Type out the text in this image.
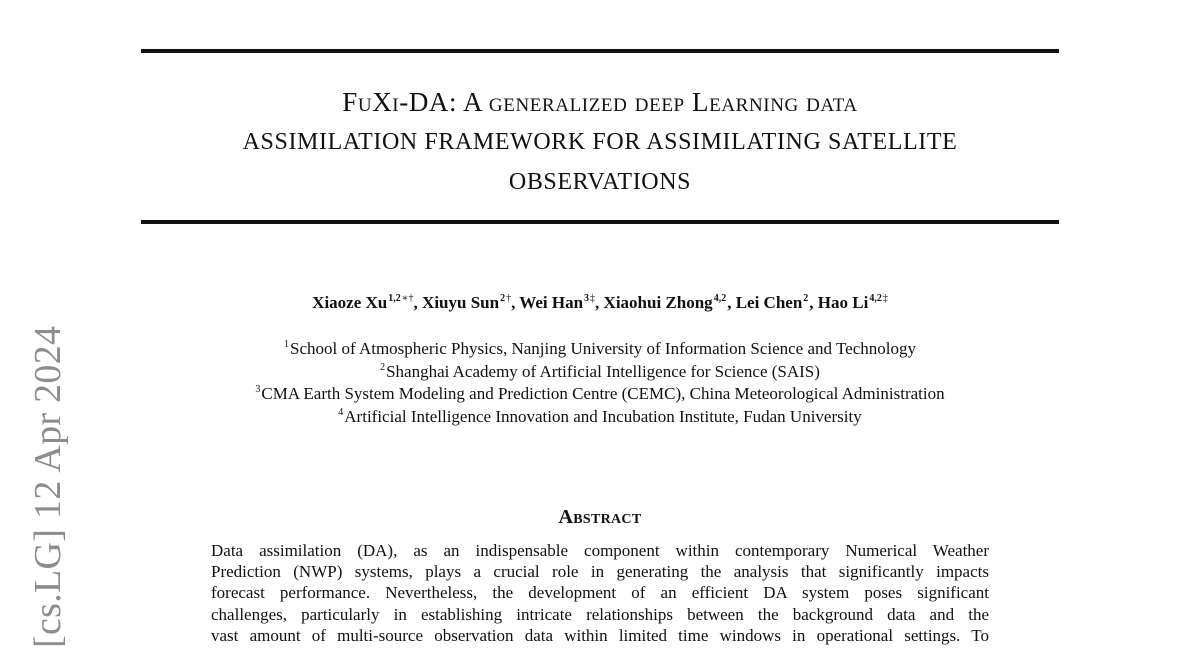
[cs.LG] 12 Apr 2024
FuXi-DA: A generalized deep Learning data
ASSIMILATION FRAMEWORK FOR ASSIMILATING SATELLITE
OBSERVATIONS
Xiaoze $Xu^{1,2∗\dagger}$, Xiuyu Sun$^{2\dagger}$, Wei Han$^{3\ddagger}$, Xiaohui Zhong$^{4,2}$, Lei Chen$^2$, Hao $Li^{4,2\ddagger}$
$^1$School of Atmospheric Physics, Nanjing University of Information Science and Technology
$^2$Shanghai Academy of Artificial Intelligence for Science (SAIS)
$^3$CMA Earth System Modeling and Prediction Centre (CEMC), China Meteorological Administration
$^4$Artificial Intelligence Innovation and Incubation Institute, Fudan University
Abstract
Data assimilation (DA), as an indispensable component within contemporary Numerical Weather
Prediction (NWP) systems, plays a crucial role in generating the analysis that significantly impacts
forecast performance. Nevertheless, the development of an efficient DA system poses significant
challenges, particularly in establishing intricate relationships between the background data and the
vast amount of multi-source observation data within limited time windows in operational settings. To
